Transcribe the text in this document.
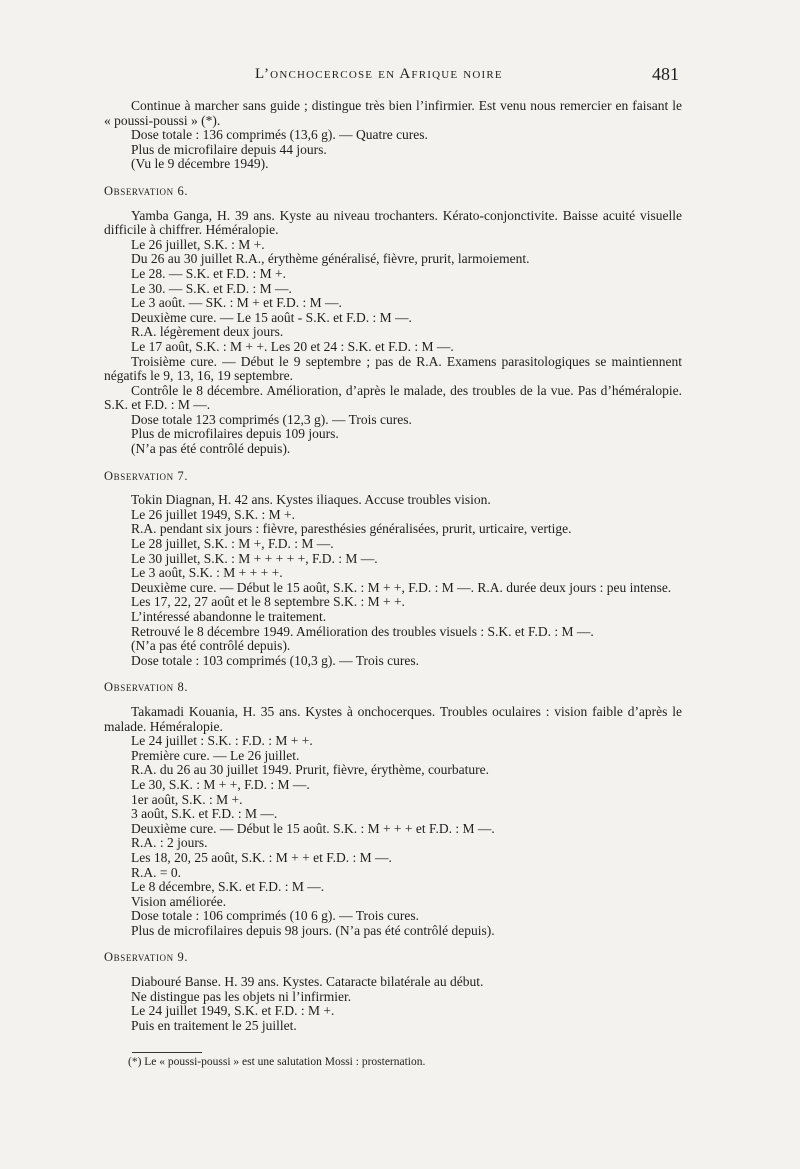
L’onchocercose en Afrique noire	481

Continue à marcher sans guide ; distingue très bien l’infirmier. Est venu nous remercier en faisant le « poussi-poussi » (*).

Dose totale : 136 comprimés (13,6 g). — Quatre cures.

Plus de microfilaire depuis 44 jours.

(Vu le 9 décembre 1949).

Observation 6.

Yamba Ganga, H. 39 ans. Kyste au niveau trochanters. Kérato-conjonctivite. Baisse acuité visuelle difficile à chiffrer. Héméralopie.

Le 26 juillet, S.K. : M +.

Du 26 au 30 juillet R.A., érythème généralisé, fièvre, prurit, larmoiement.

Le 28. — S.K. et F.D. : M +.

Le 30. — S.K. et F.D. : M —.

Le 3 août. — SK. : M + et F.D. : M —.

Deuxième cure. — Le 15 août - S.K. et F.D. : M —.

R.A. légèrement deux jours.

Le 17 août, S.K. : M + +. Les 20 et 24 : S.K. et F.D. : M —.

Troisième cure. — Début le 9 septembre ; pas de R.A. Examens parasitologiques se maintiennent négatifs le 9, 13, 16, 19 septembre.

Contrôle le 8 décembre. Amélioration, d’après le malade, des troubles de la vue. Pas d’héméralopie. S.K. et F.D. : M —.

Dose totale 123 comprimés (12,3 g). — Trois cures.

Plus de microfilaires depuis 109 jours.

(N’a pas été contrôlé depuis).

Observation 7.

Tokin Diagnan, H. 42 ans. Kystes iliaques. Accuse troubles vision.

Le 26 juillet 1949, S.K. : M +.

R.A. pendant six jours : fièvre, paresthésies généralisées, prurit, urticaire, vertige.

Le 28 juillet, S.K. : M +, F.D. : M —.

Le 30 juillet, S.K. : M + + + + +, F.D. : M —.

Le 3 août, S.K. : M + + + +.

Deuxième cure. — Début le 15 août, S.K. : M + +, F.D. : M —. R.A. durée deux jours : peu intense.

Les 17, 22, 27 août et le 8 septembre S.K. : M + +.

L’intéressé abandonne le traitement.

Retrouvé le 8 décembre 1949. Amélioration des troubles visuels : S.K. et F.D. : M —.

(N’a pas été contrôlé depuis).

Dose totale : 103 comprimés (10,3 g). — Trois cures.

Observation 8.

Takamadi Kouania, H. 35 ans. Kystes à onchocerques. Troubles oculaires : vision faible d’après le malade. Héméralopie.

Le 24 juillet : S.K. : F.D. : M + +.

Première cure. — Le 26 juillet.

R.A. du 26 au 30 juillet 1949. Prurit, fièvre, érythème, courbature.

Le 30, S.K. : M + +, F.D. : M —.

1er août, S.K. : M +.

3 août, S.K. et F.D. : M —.

Deuxième cure. — Début le 15 août. S.K. : M + + + et F.D. : M —.

R.A. : 2 jours.

Les 18, 20, 25 août, S.K. : M + + et F.D. : M —.

R.A. = 0.

Le 8 décembre, S.K. et F.D. : M —.

Vision améliorée.

Dose totale : 106 comprimés (10 6 g). — Trois cures.

Plus de microfilaires depuis 98 jours. (N’a pas été contrôlé depuis).

Observation 9.

Diabouré Banse. H. 39 ans. Kystes. Cataracte bilatérale au début.

Ne distingue pas les objets ni l’infirmier.

Le 24 juillet 1949, S.K. et F.D. : M +.

Puis en traitement le 25 juillet.

(*) Le « poussi-poussi » est une salutation Mossi : prosternation.
